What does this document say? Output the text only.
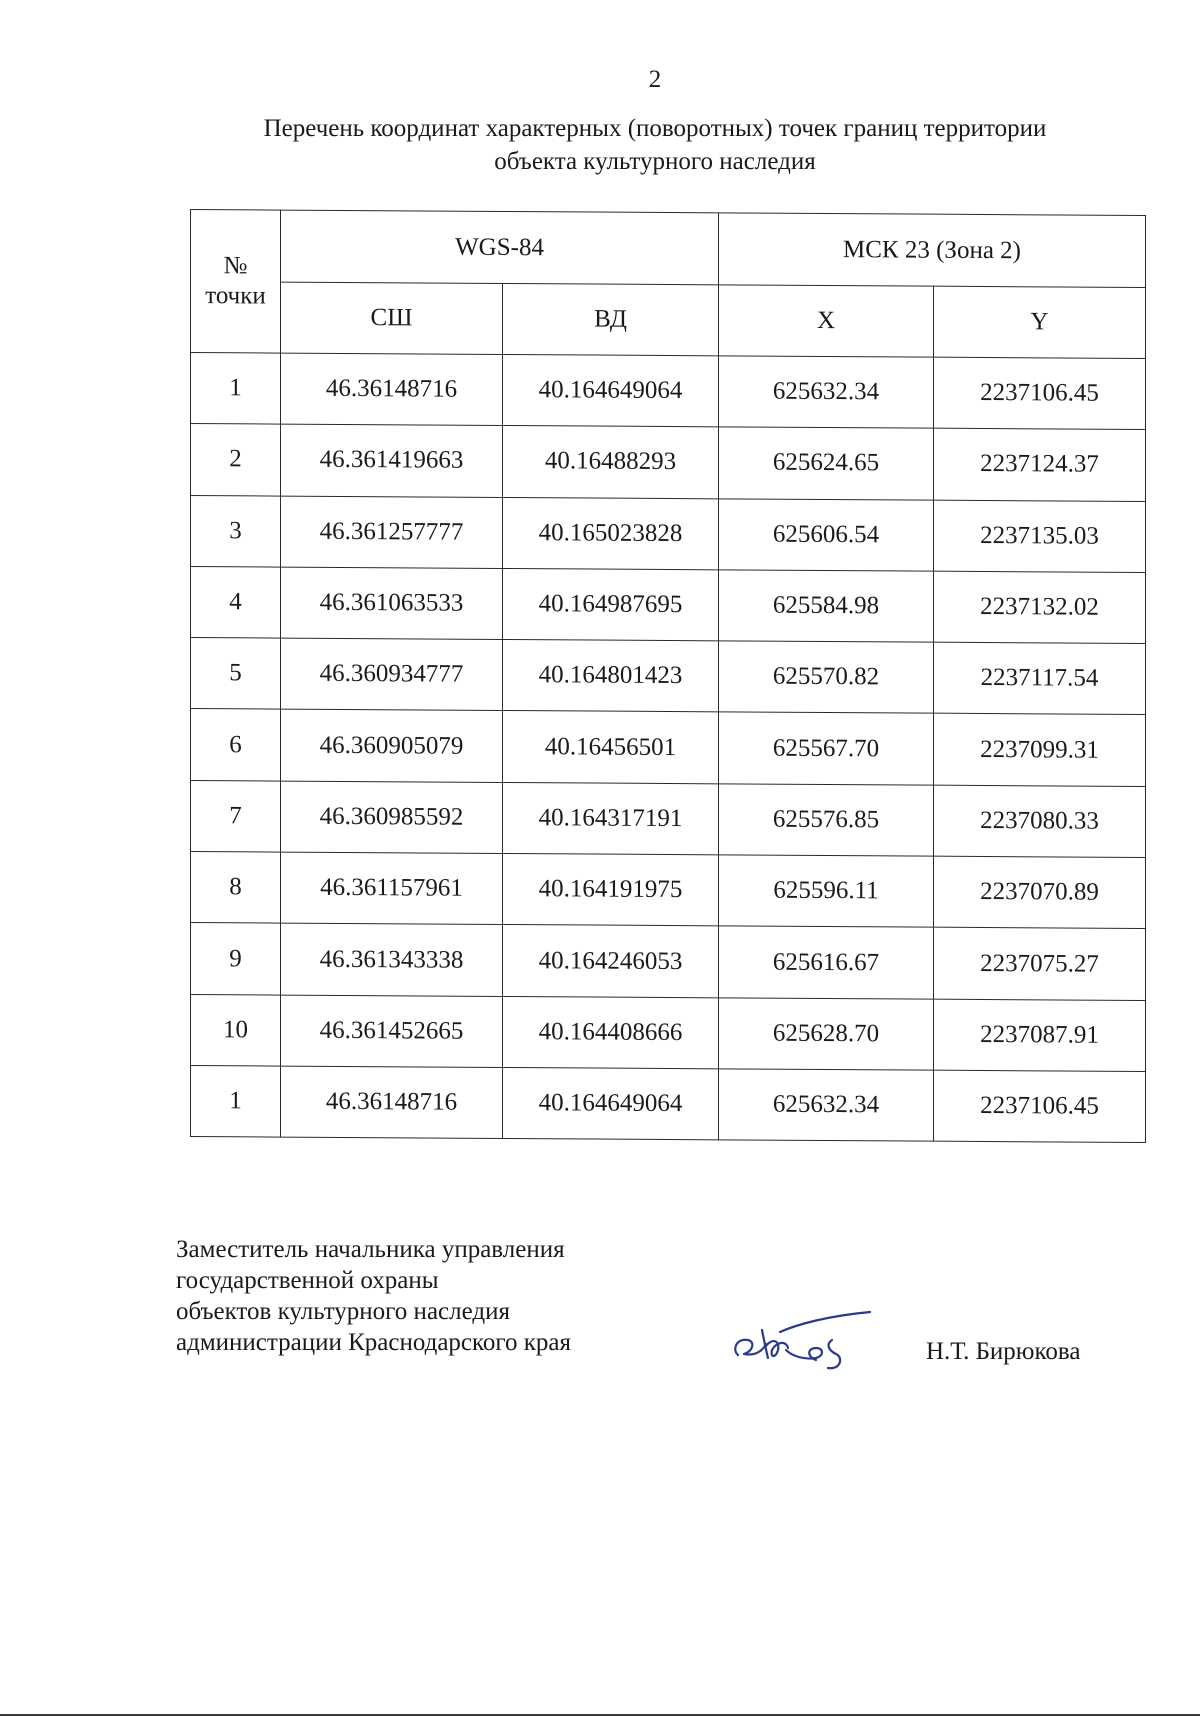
2
Перечень координат характерных (поворотных) точек границ территории
объекта культурного наследия
№
точки	WGS-84		МСК 23 (Зона 2)	
	СШ	ВД	X	Y
1	46.36148716	40.164649064	625632.34	2237106.45
2	46.361419663	40.16488293	625624.65	2237124.37
3	46.361257777	40.165023828	625606.54	2237135.03
4	46.361063533	40.164987695	625584.98	2237132.02
5	46.360934777	40.164801423	625570.82	2237117.54
6	46.360905079	40.16456501	625567.70	2237099.31
7	46.360985592	40.164317191	625576.85	2237080.33
8	46.361157961	40.164191975	625596.11	2237070.89
9	46.361343338	40.164246053	625616.67	2237075.27
10	46.361452665	40.164408666	625628.70	2237087.91
1	46.36148716	40.164649064	625632.34	2237106.45
Заместитель начальника управления
государственной охраны
объектов культурного наследия
администрации Краснодарского края	Н.Т. Бирюкова
